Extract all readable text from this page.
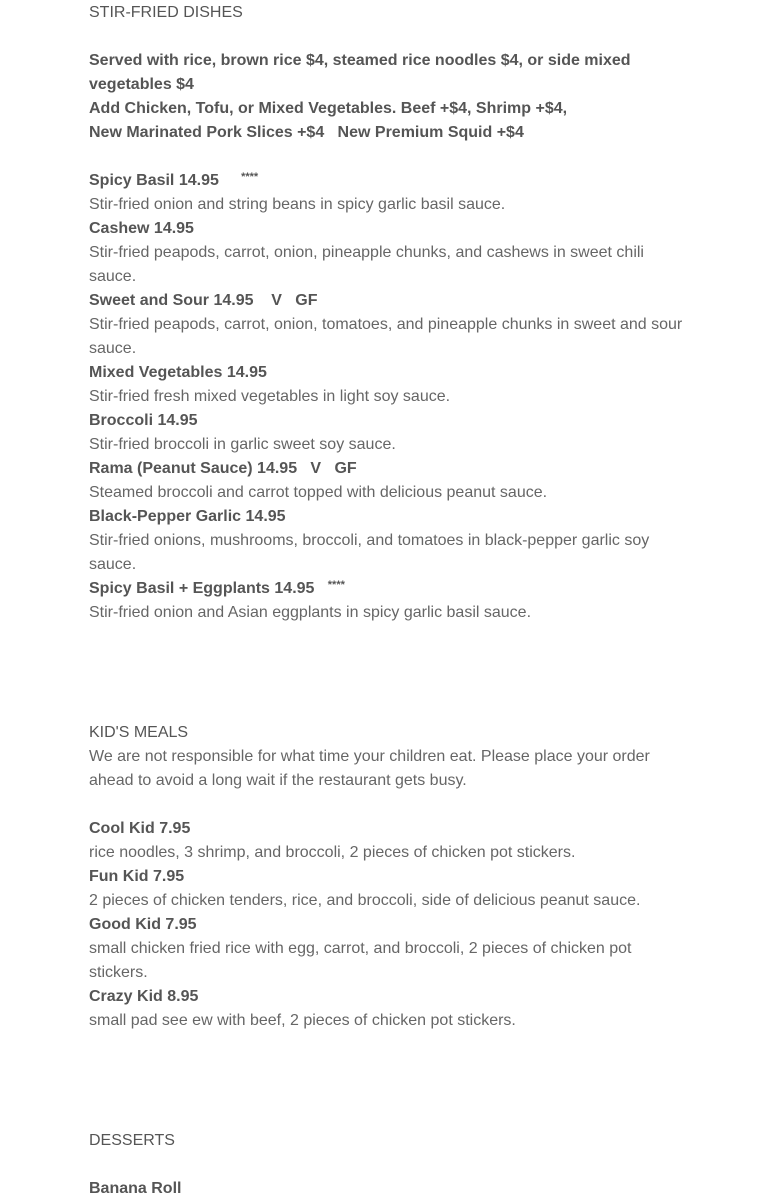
STIR-FRIED DISHES
Served with rice, brown rice $4, steamed rice noodles $4, or side mixed vegetables $4
Add Chicken, Tofu, or Mixed Vegetables. Beef +$4, Shrimp +$4,
New Marinated Pork Slices +$4   New Premium Squid +$4
Spicy Basil 14.95     ****
Stir-fried onion and string beans in spicy garlic basil sauce.
Cashew 14.95
Stir-fried peapods, carrot, onion, pineapple chunks, and cashews in sweet chili sauce.
Sweet and Sour 14.95    V   GF
Stir-fried peapods, carrot, onion, tomatoes, and pineapple chunks in sweet and sour sauce.
Mixed Vegetables 14.95
Stir-fried fresh mixed vegetables in light soy sauce.
Broccoli 14.95
Stir-fried broccoli in garlic sweet soy sauce.
Rama (Peanut Sauce) 14.95   V   GF
Steamed broccoli and carrot topped with delicious peanut sauce.
Black-Pepper Garlic 14.95
Stir-fried onions, mushrooms, broccoli, and tomatoes in black-pepper garlic soy sauce.
Spicy Basil + Eggplants 14.95   ****
Stir-fried onion and Asian eggplants in spicy garlic basil sauce.
KID'S MEALS
We are not responsible for what time your children eat. Please place your order ahead to avoid a long wait if the restaurant gets busy.
Cool Kid 7.95
rice noodles, 3 shrimp, and broccoli, 2 pieces of chicken pot stickers.
Fun Kid 7.95
2 pieces of chicken tenders, rice, and broccoli, side of delicious peanut sauce.
Good Kid 7.95
small chicken fried rice with egg, carrot, and broccoli, 2 pieces of chicken pot stickers.
Crazy Kid 8.95
small pad see ew with beef, 2 pieces of chicken pot stickers.
DESSERTS
Banana Roll
